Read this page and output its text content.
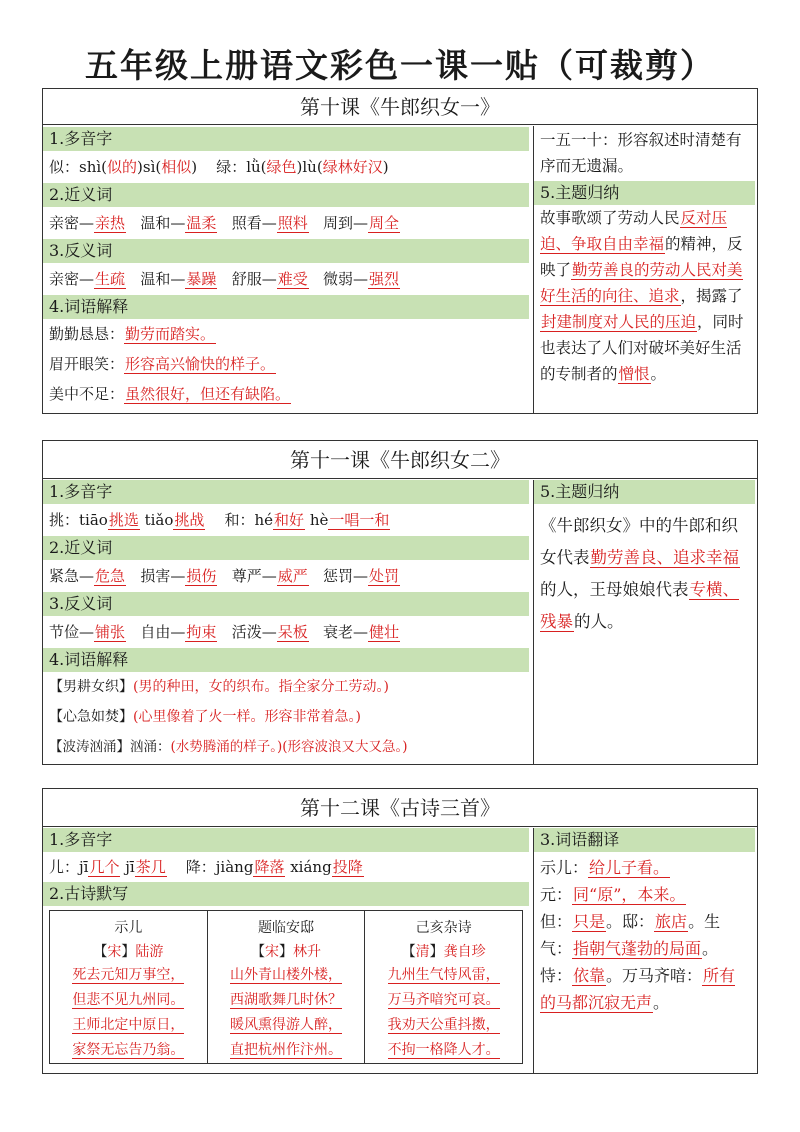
五年级上册语文彩色一课一贴（可裁剪）
第十课《牛郎织女一》
1.多音字
似：shì(似的)sì(相似) 绿：lǜ(绿色)lù(绿林好汉)
2.近义词
亲密—亲热 温和—温柔 照看—照料 周到—周全
3.反义词
亲密—生疏 温和—暴躁 舒服—难受 微弱—强烈
4.词语解释
勤勤恳恳：勤劳而踏实。
眉开眼笑：形容高兴愉快的样子。
美中不足：虽然很好，但还有缺陷。
一五一十：形容叙述时清楚有序而无遗漏。
5.主题归纳
故事歌颂了劳动人民反对压迫、争取自由幸福的精神，反映了勤劳善良的劳动人民对美好生活的向往、追求，揭露了封建制度对人民的压迫，同时也表达了人们对破坏美好生活的专制者的憎恨。
第十一课《牛郎织女二》
1.多音字
挑：tiāo挑选 tiǎo挑战 和：hé和好 hè一唱一和
2.近义词
紧急—危急 损害—损伤 尊严—威严 惩罚—处罚
3.反义词
节俭—铺张 自由—拘束 活泼—呆板 衰老—健壮
4.词语解释
【男耕女织】(男的种田，女的织布。指全家分工劳动。)
【心急如焚】(心里像着了火一样。形容非常着急。)
【波涛汹涌】汹涌：(水势腾涌的样子。)(形容波浪又大又急。)
5.主题归纳
《牛郎织女》中的牛郎和织女代表勤劳善良、追求幸福的人，王母娘娘代表专横、残暴的人。
第十二课《古诗三首》
1.多音字
儿：jī几个 jī茶几 降：jiàng降落 xiáng投降
2.古诗默写
示儿
【宋】陆游
死去元知万事空，
但悲不见九州同。
王师北定中原日，
家祭无忘告乃翁。
题临安邸
【宋】林升
山外青山楼外楼，
西湖歌舞几时休？
暖风熏得游人醉，
直把杭州作汴州。
己亥杂诗
【清】龚自珍
九州生气恃风雷，
万马齐喑究可哀。
我劝天公重抖擞，
不拘一格降人才。
3.词语翻译
示儿：给儿子看。
元：同“原”，本来。
但：只是。邸：旅店。生气：指朝气蓬勃的局面。恃：依靠。万马齐喑：所有的马都沉寂无声。
